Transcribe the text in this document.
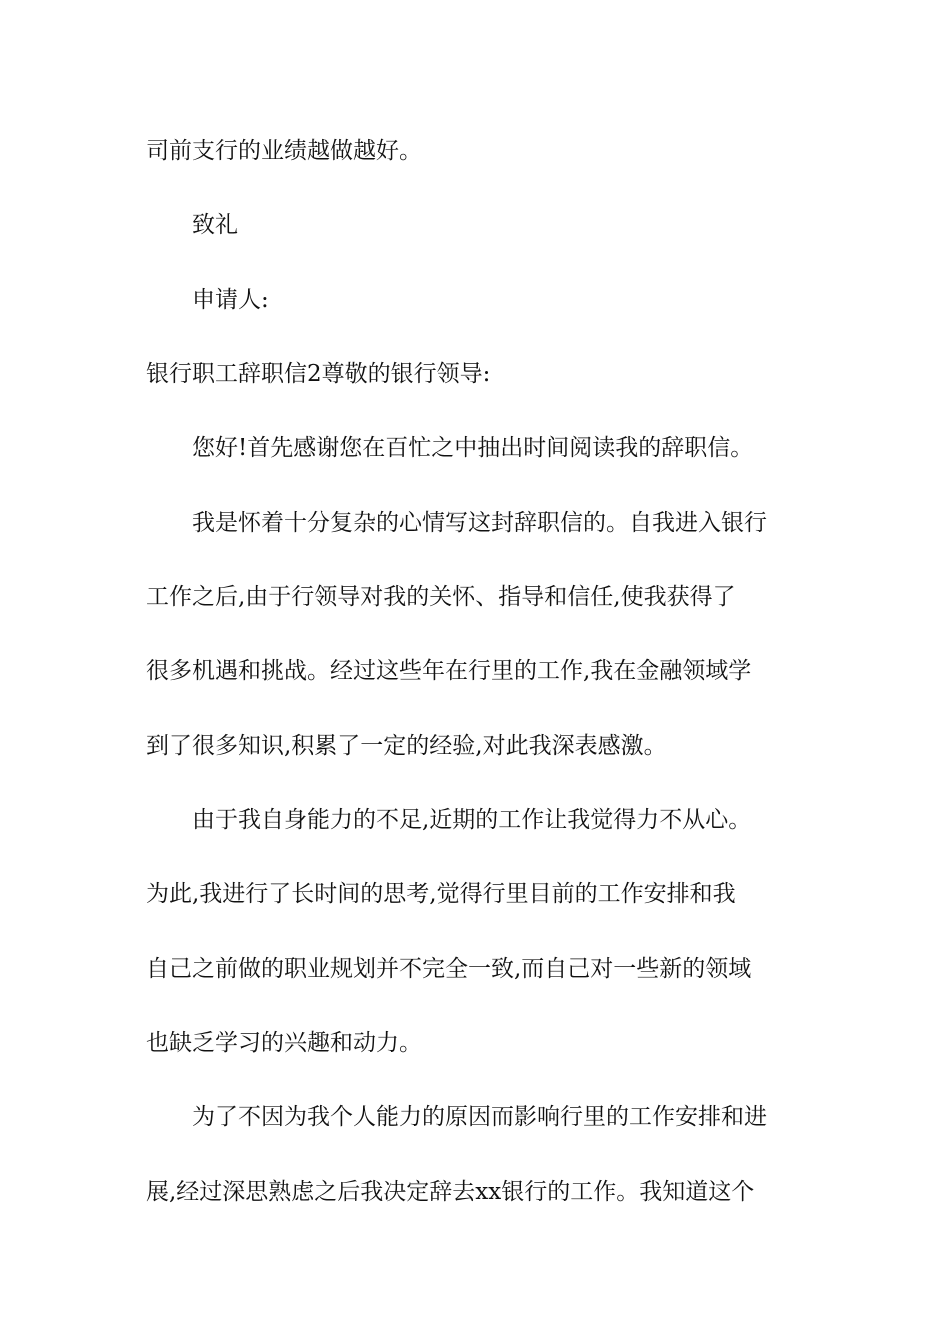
司前支行的业绩越做越好。
致礼
申请人:
银行职工辞职信2尊敬的银行领导:
您好!首先感谢您在百忙之中抽出时间阅读我的辞职信。
我是怀着十分复杂的心情写这封辞职信的。自我进入银行
工作之后,由于行领导对我的关怀、指导和信任,使我获得了
很多机遇和挑战。经过这些年在行里的工作,我在金融领域学
到了很多知识,积累了一定的经验,对此我深表感激。
由于我自身能力的不足,近期的工作让我觉得力不从心。
为此,我进行了长时间的思考,觉得行里目前的工作安排和我
自己之前做的职业规划并不完全一致,而自己对一些新的领域
也缺乏学习的兴趣和动力。
为了不因为我个人能力的原因而影响行里的工作安排和进
展,经过深思熟虑之后我决定辞去xx银行的工作。我知道这个
